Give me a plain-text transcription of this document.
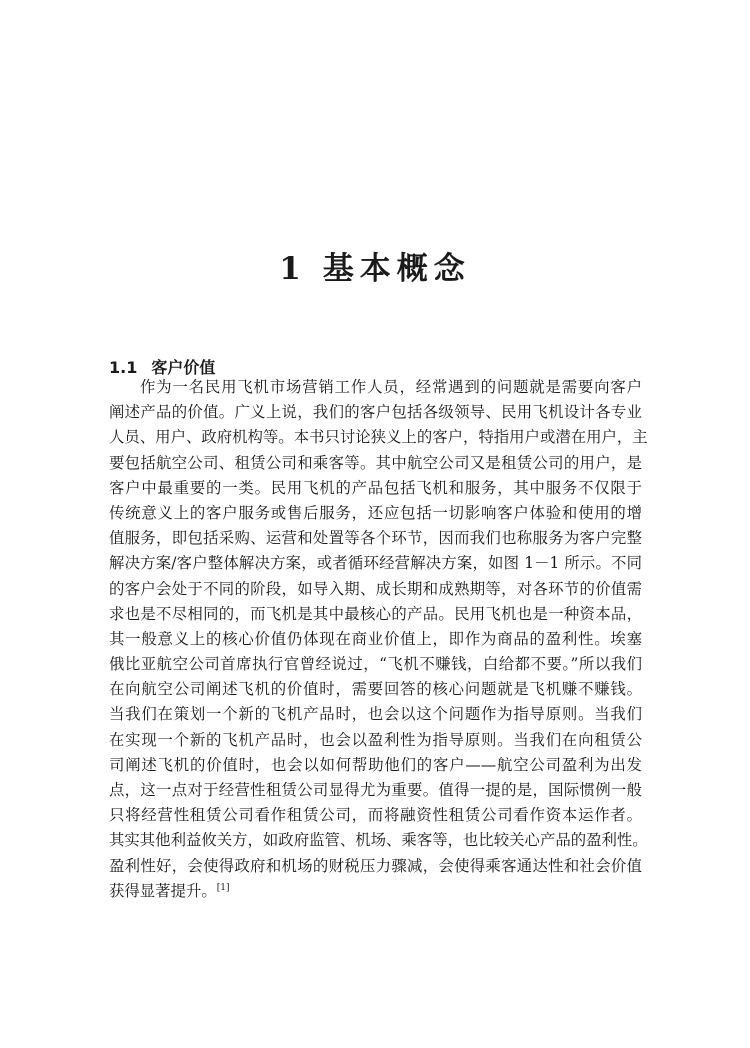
1 基本概念
1.1 客户价值
作为一名民用飞机市场营销工作人员，经常遇到的问题就是需要向客户
阐述产品的价值。广义上说，我们的客户包括各级领导、民用飞机设计各专业
人员、用户、政府机构等。本书只讨论狭义上的客户，特指用户或潜在用户，主
要包括航空公司、租赁公司和乘客等。其中航空公司又是租赁公司的用户，是
客户中最重要的一类。民用飞机的产品包括飞机和服务，其中服务不仅限于
传统意义上的客户服务或售后服务，还应包括一切影响客户体验和使用的增
值服务，即包括采购、运营和处置等各个环节，因而我们也称服务为客户完整
解决方案/客户整体解决方案，或者循环经营解决方案，如图 1－1 所示。不同
的客户会处于不同的阶段，如导入期、成长期和成熟期等，对各环节的价值需
求也是不尽相同的，而飞机是其中最核心的产品。民用飞机也是一种资本品，
其一般意义上的核心价值仍体现在商业价值上，即作为商品的盈利性。埃塞
俄比亚航空公司首席执行官曾经说过，“飞机不赚钱，白给都不要。”所以我们
在向航空公司阐述飞机的价值时，需要回答的核心问题就是飞机赚不赚钱。
当我们在策划一个新的飞机产品时，也会以这个问题作为指导原则。当我们
在实现一个新的飞机产品时，也会以盈利性为指导原则。当我们在向租赁公
司阐述飞机的价值时，也会以如何帮助他们的客户——航空公司盈利为出发
点，这一点对于经营性租赁公司显得尤为重要。值得一提的是，国际惯例一般
只将经营性租赁公司看作租赁公司，而将融资性租赁公司看作资本运作者。
其实其他利益攸关方，如政府监管、机场、乘客等，也比较关心产品的盈利性。
盈利性好，会使得政府和机场的财税压力骤减，会使得乘客通达性和社会价值
获得显著提升。[1]
